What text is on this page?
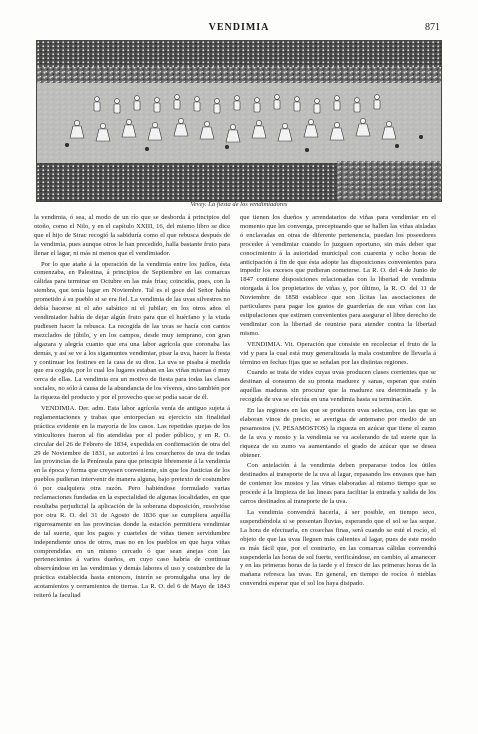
VENDIMIA	871
Vevey. La fiesta de los vendimiadores

la vendimia, ó sea, al modo de un río que se desborda á principios del otoño, como el Nilo, y en el capítulo XXIII, 16, del mismo libro se dice que el hijo de Sirac recogió la sabiduría como el que rebusca después de la vendimia, pues aunque otros le han precedido, halla bastante fruto para llenar el lagar, ni más ni menos que el vendimiador.

Por lo que atañe á la operación de la vendimia entre los judíos, ésta comenzaba, en Palestina, á principios de Septiembre en las comarcas cálidas para terminar en Octubre en las más frías; coincidía, pues, con la siembra, que tenía lugar en Noviembre. Tal es el goce del Señor había prometido á su pueblo si se era fiel. La vendimia de las uvas silvestres no debía hacerse ni el año sabático ni el jubilar; en los otros años el vendimiador había de dejar algún fruto para que el huérfano y la viuda pudiesen hacer la rebusca. La recogida de las uvas se hacía con cantos mezclados de júbilo, y en los campos, desde muy temprano, con gran algazara y alegría cuanto que era una labor agrícola que coronaba las demás, y así se ve á los sigamuntes vendimiar, pisar la uva, hacer la fiesta y continuar los festines en la casa de su dios. La uva se pisaba á medida que era cogida, por lo cual los lugares estaban en las viñas mismas ó muy cerca de ellas. La vendimia era un motivo de fiesta para todas las clases sociales, no sólo á causa de la abundancia de los víveres, sino también por la riqueza del producto y por el provecho que se podía sacar de él.

VENDIMIA. Der. adm. Esta labor agrícola venía de antiguo sujeta á reglamentaciones y trabas que entorpecían su ejercicio sin finalidad práctica evidente en la mayoría de los casos. Las repetidas quejas de los vinicultores fueron al fin atendidas por el poder público, y en R. O. circular del 26 de Febrero de 1834, expedida en confirmación de otra del 29 de Noviembre de 1831, se autorizó á los cosecheros de uva de todas las provincias de la Península para que principie libremente á la vendimia en la época y forma que creyesen conveniente, sin que los Justicias de los pueblos pudieran intervenir de manera alguna, bajo pretexto de costumbre ó por cualquiera otra razón. Pero habiéndose formulado varias reclamaciones fundadas en la especialidad de algunas localidades, en que resultaba perjudicial la aplicación de la soberana disposición, resolvióse por otra R. O. del 31 de Agosto de 1836 que se cumpliera aquélla rigurosamente en las provincias donde la estación permitiera vendimiar de tal suerte, que los pagos y cuarteles de viñas tienen servidumbre independiente unos de otros, mas no en los pueblos en que haya viñas comprendidas en un mismo cercado ó que sean anejas con las pertenecientes á varios dueños, en cuyo caso habría de continuar observándose en las vendimias y demás labores el uso y costumbre de la práctica establecida hasta entonces, interín se promulgaba una ley de acotamientos y cerramientos de tierras. La R. O. del 6 de Mayo de 1843 reiteró la facultad

que tienen los dueños y arrendatarios de viñas para vendimiar en el momento que les convenga, preceptuando que se hallen las viñas aisladas ó enclavadas en otras de diferente pertenencia, puedan los poseedores proceder á vendimiar cuando lo juzguen oportuno, sin más deber que conocimiento á la autoridad municipal con cuarenta y ocho horas de anticipación á fin de que ésta adopte las disposiciones convenientes para impedir los excesos que pudieran cometerse. La R. O. del 4 de Junio de 1847 contiene disposiciones relacionadas con la libertad de vendimia otorgada á los propietarios de viñas y, por último, la R. O. del 11 de Noviembre de 1858 establece que son lícitas las asociaciones de particulares para pagar los gastos de guarderías de sus viñas con las estipulaciones que estimen convenientes para asegurar el libre derecho de vendimiar con la libertad de reunirse para atender contra la libertad mismo.

VENDIMIA. Vit. Operación que consiste en recolectar el fruto de la vid y para la cual está muy generalizada la mala costumbre de llevarla á término en fechas fijas que se señalan por las distintas regiones.

Cuando se trata de vides cuyas uvas producen clases corrientes que se destinan al consumo de su pronta madurez y sanas, esperan que estén aquéllas maduras sin procurar que la madurez sea determinada y la recogida de uva se efectúa en una vendimia hasta su terminación.

En las regiones en las que se producen uvas selectas, con las que se elaboran vinos de precio, se averigua de antemano por medio de un pesamostos (V. PESAMOSTOS) la riqueza en azúcar que tiene el zumo de la uva y mosto y la vendimia se va acelerando de tal suerte que la riqueza de su zumo va aumentando el grado de azúcar que se desea obtener.

Con antelación á la vendimia deben prepararse todos los útiles destinados al transporte de la uva al lagar, repasando los envases que han de contener los mostos y las vinas elaboradas al mismo tiempo que se procede á la limpieza de las lineas para facilitar la entrada y salida de los carros destinados al transporte de la uva.

La vendimia convendrá hacerla, á ser posible, en tiempo seco, suspendiéndola si se presentan lluvias, esperando que el sol se las seque. La hora de efectuarla, en cosechas finas, será cuando se esté el rocío, el objeto de que las uvas lleguen más calientes al lagar, pues de este modo es más fácil que, por el contrario, en las comarcas cálidas convendrá suspenderla las horas de sol fuerte, verificándose, en cambio, al amanecer y en las primeras horas de la tarde y el fresco de las primeras horas de la mañana refresca las uvas. En general, en tiempo de rocíos ó nieblas convendrá esperar que el sol los haya disipado.
